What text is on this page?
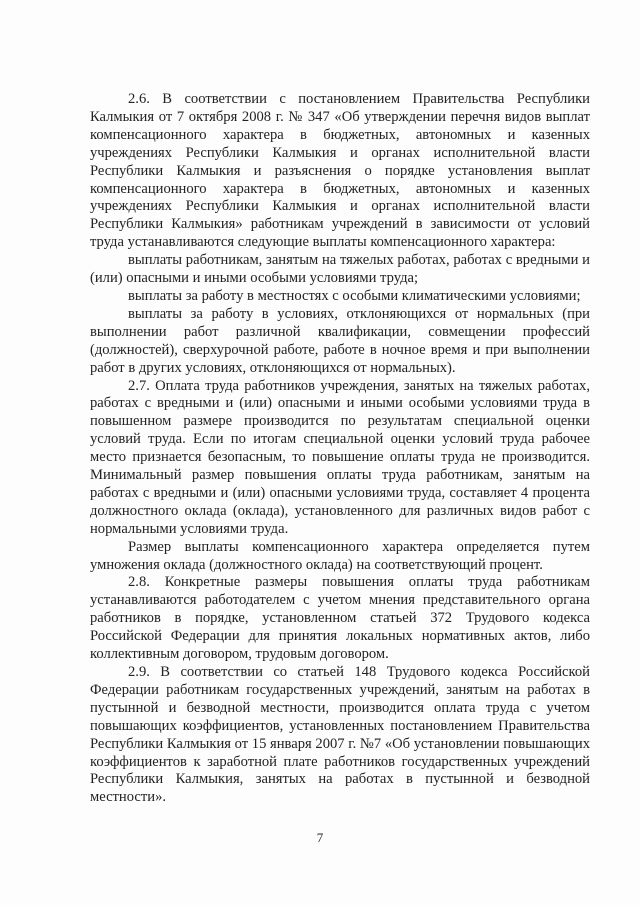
2.6. В соответствии с постановлением Правительства Республики Калмыкия от 7 октября 2008 г. № 347 «Об утверждении перечня видов выплат компенсационного характера в бюджетных, автономных и казенных учреждениях Республики Калмыкия и органах исполнительной власти Республики Калмыкия и разъяснения о порядке установления выплат компенсационного характера в бюджетных, автономных и казенных учреждениях Республики Калмыкия и органах исполнительной власти Республики Калмыкия» работникам учреждений в зависимости от условий труда устанавливаются следующие выплаты компенсационного характера:

выплаты работникам, занятым на тяжелых работах, работах с вредными и (или) опасными и иными особыми условиями труда;

выплаты за работу в местностях с особыми климатическими условиями;

выплаты за работу в условиях, отклоняющихся от нормальных (при выполнении работ различной квалификации, совмещении профессий (должностей), сверхурочной работе, работе в ночное время и при выполнении работ в других условиях, отклоняющихся от нормальных).

2.7. Оплата труда работников учреждения, занятых на тяжелых работах, работах с вредными и (или) опасными и иными особыми условиями труда в повышенном размере производится по результатам специальной оценки условий труда. Если по итогам специальной оценки условий труда рабочее место признается безопасным, то повышение оплаты труда не производится. Минимальный размер повышения оплаты труда работникам, занятым на работах с вредными и (или) опасными условиями труда, составляет 4 процента должностного оклада (оклада), установленного для различных видов работ с нормальными условиями труда.

Размер выплаты компенсационного характера определяется путем умножения оклада (должностного оклада) на соответствующий процент.

2.8. Конкретные размеры повышения оплаты труда работникам устанавливаются работодателем с учетом мнения представительного органа работников в порядке, установленном статьей 372 Трудового кодекса Российской Федерации для принятия локальных нормативных актов, либо коллективным договором, трудовым договором.

2.9. В соответствии со статьей 148 Трудового кодекса Российской Федерации работникам государственных учреждений, занятым на работах в пустынной и безводной местности, производится оплата труда с учетом повышающих коэффициентов, установленных постановлением Правительства Республики Калмыкия от 15 января 2007 г. №7 «Об установлении повышающих коэффициентов к заработной плате работников государственных учреждений Республики Калмыкия, занятых на работах в пустынной и безводной местности».

7
